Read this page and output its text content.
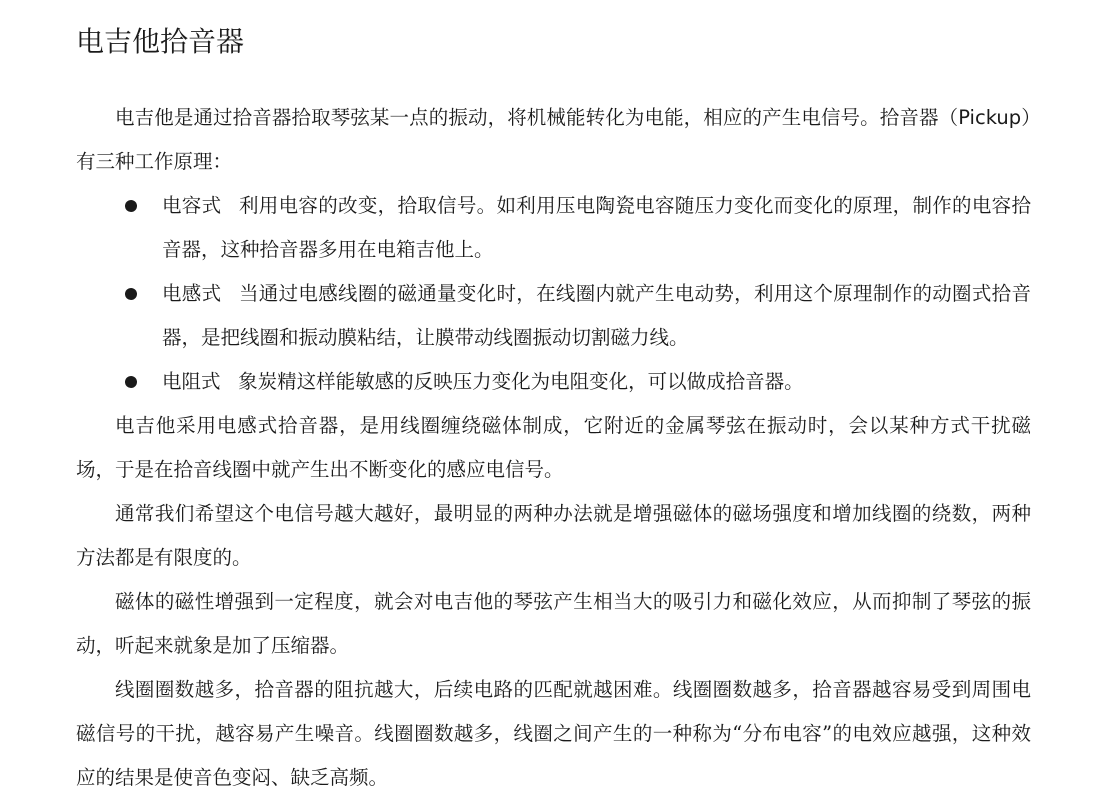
电吉他拾音器

电吉他是通过拾音器拾取琴弦某一点的振动，将机械能转化为电能，相应的产生电信号。拾音器（Pickup）有三种工作原理：

电容式 利用电容的改变，拾取信号。如利用压电陶瓷电容随压力变化而变化的原理，制作的电容拾音器，这种拾音器多用在电箱吉他上。
电感式 当通过电感线圈的磁通量变化时，在线圈内就产生电动势，利用这个原理制作的动圈式拾音器，是把线圈和振动膜粘结，让膜带动线圈振动切割磁力线。
电阻式 象炭精这样能敏感的反映压力变化为电阻变化，可以做成拾音器。

电吉他采用电感式拾音器，是用线圈缠绕磁体制成，它附近的金属琴弦在振动时，会以某种方式干扰磁场，于是在拾音线圈中就产生出不断变化的感应电信号。

通常我们希望这个电信号越大越好，最明显的两种办法就是增强磁体的磁场强度和增加线圈的绕数，两种方法都是有限度的。

磁体的磁性增强到一定程度，就会对电吉他的琴弦产生相当大的吸引力和磁化效应，从而抑制了琴弦的振动，听起来就象是加了压缩器。

线圈圈数越多，拾音器的阻抗越大，后续电路的匹配就越困难。线圈圈数越多，拾音器越容易受到周围电磁信号的干扰，越容易产生噪音。线圈圈数越多，线圈之间产生的一种称为“分布电容”的电效应越强，这种效应的结果是使音色变闷、缺乏高频。
